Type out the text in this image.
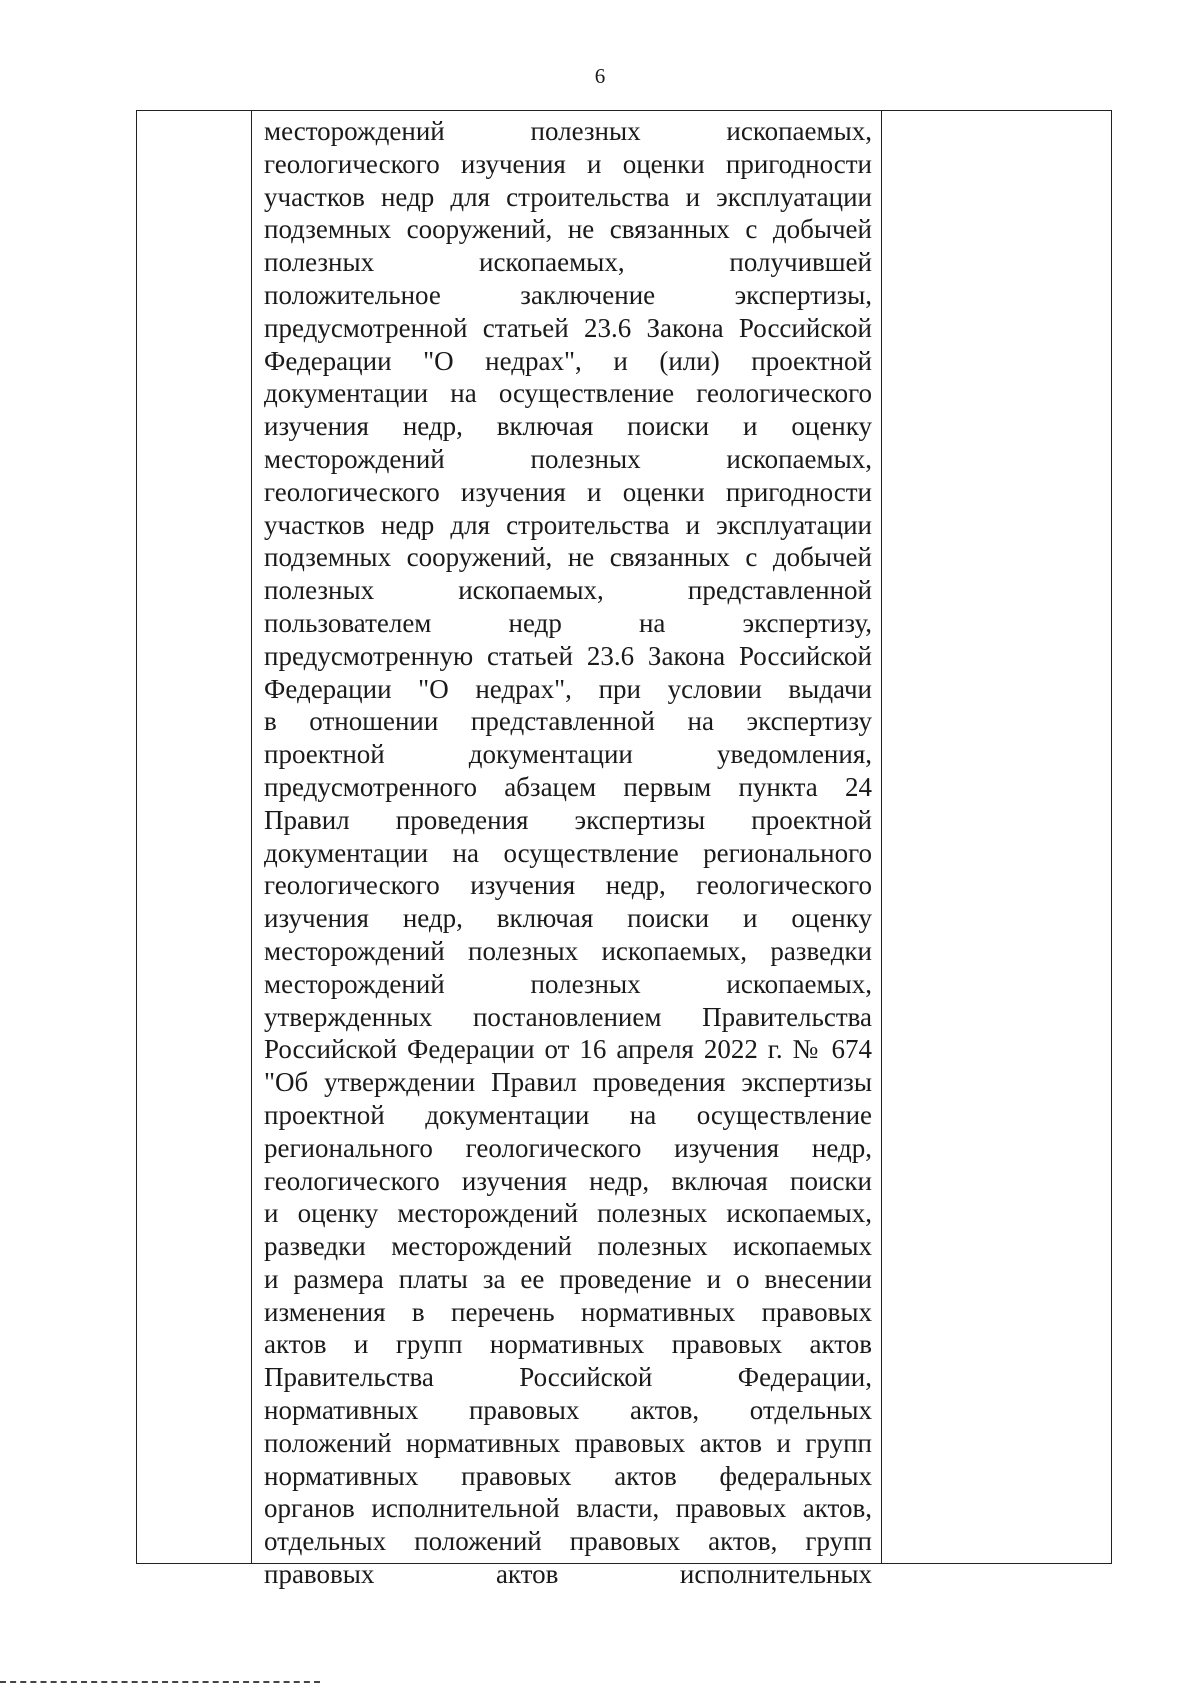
6
месторождений полезных ископаемых,
геологического изучения и оценки пригодности
участков недр для строительства и эксплуатации
подземных сооружений, не связанных с добычей
полезных ископаемых, получившей
положительное заключение экспертизы,
предусмотренной статьей 23.6 Закона Российской
Федерации "О недрах", и (или) проектной
документации на осуществление геологического
изучения недр, включая поиски и оценку
месторождений полезных ископаемых,
геологического изучения и оценки пригодности
участков недр для строительства и эксплуатации
подземных сооружений, не связанных с добычей
полезных ископаемых, представленной
пользователем недр на экспертизу,
предусмотренную статьей 23.6 Закона Российской
Федерации "О недрах", при условии выдачи
в отношении представленной на экспертизу
проектной документации уведомления,
предусмотренного абзацем первым пункта 24
Правил проведения экспертизы проектной
документации на осуществление регионального
геологического изучения недр, геологического
изучения недр, включая поиски и оценку
месторождений полезных ископаемых, разведки
месторождений полезных ископаемых,
утвержденных постановлением Правительства
Российской Федерации от 16 апреля 2022 г. № 674
"Об утверждении Правил проведения экспертизы
проектной документации на осуществление
регионального геологического изучения недр,
геологического изучения недр, включая поиски
и оценку месторождений полезных ископаемых,
разведки месторождений полезных ископаемых
и размера платы за ее проведение и о внесении
изменения в перечень нормативных правовых
актов и групп нормативных правовых актов
Правительства Российской Федерации,
нормативных правовых актов, отдельных
положений нормативных правовых актов и групп
нормативных правовых актов федеральных
органов исполнительной власти, правовых актов,
отдельных положений правовых актов, групп
правовых актов исполнительных
